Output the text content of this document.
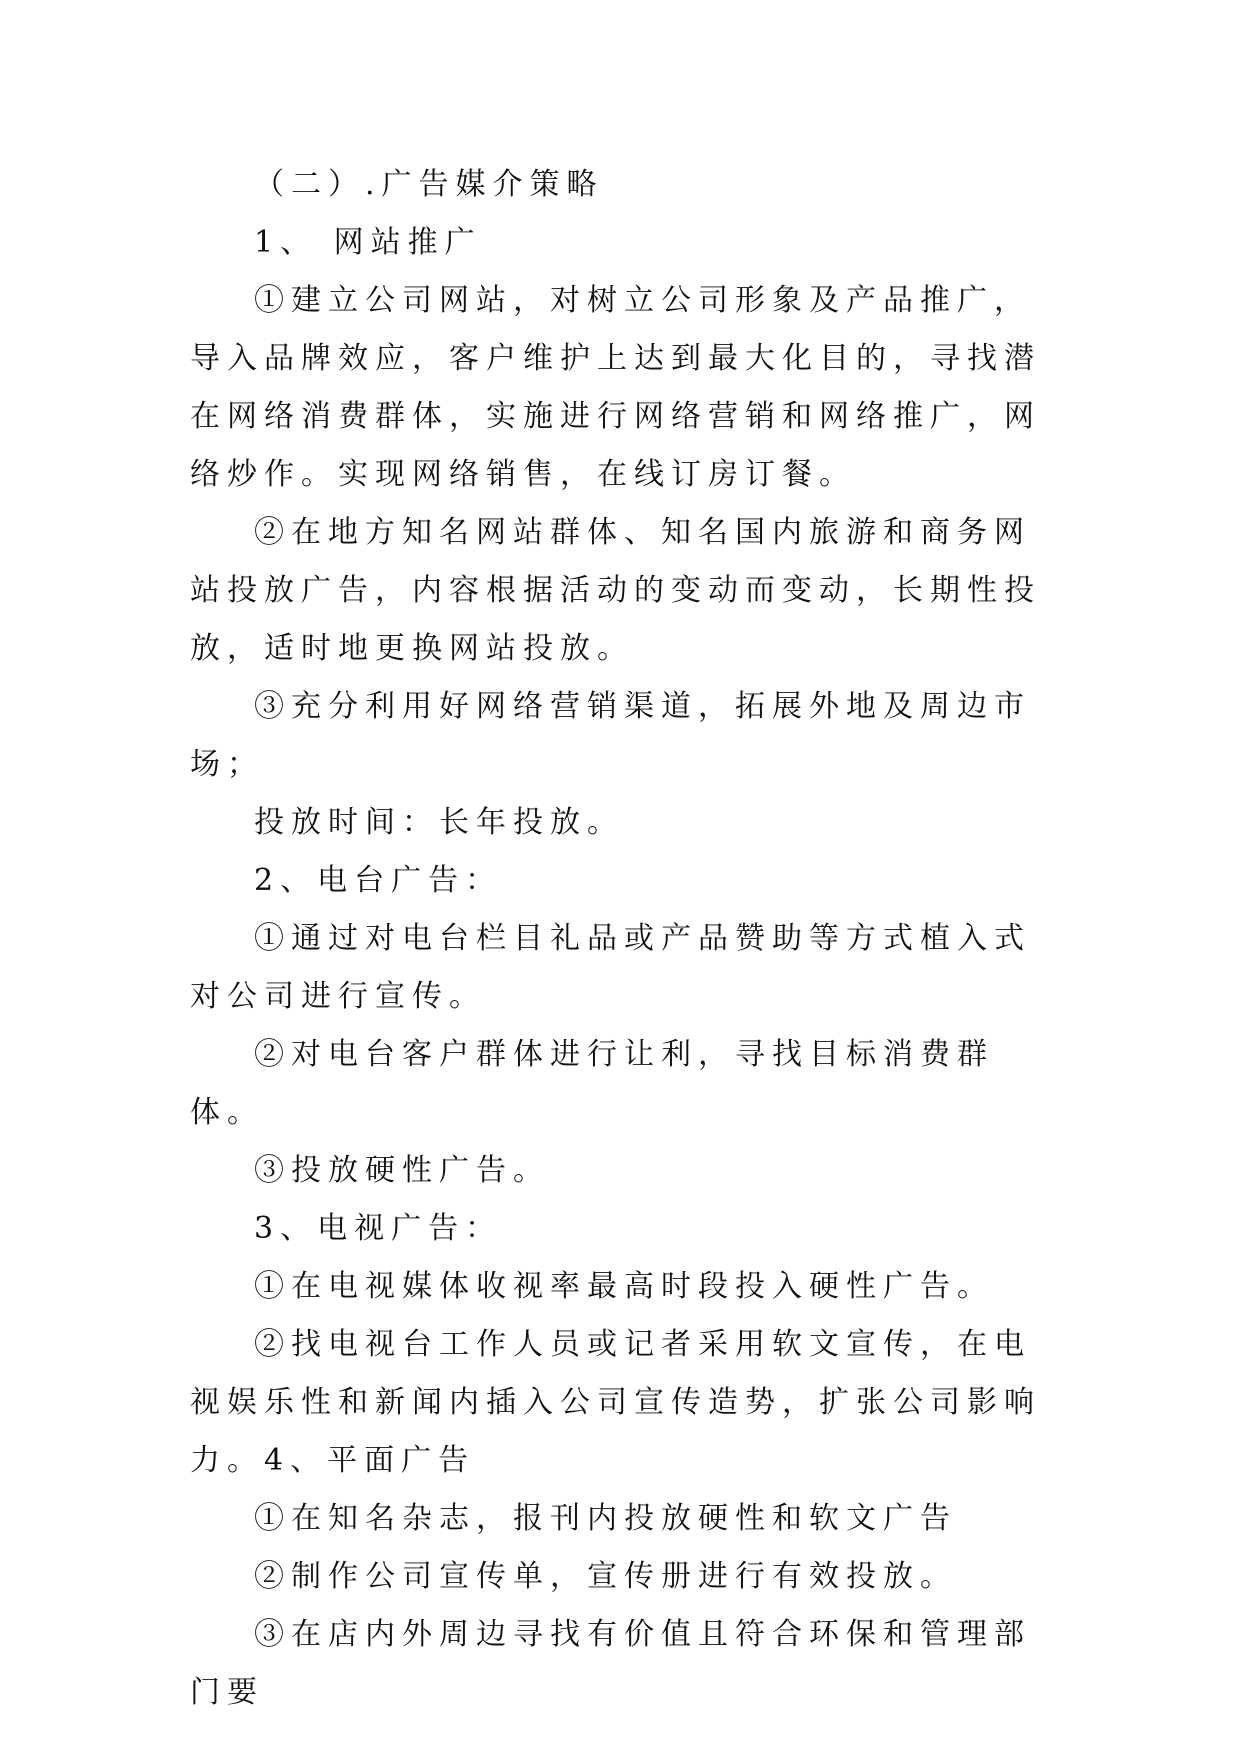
（二）.广告媒介策略

1、 网站推广

①建立公司网站，对树立公司形象及产品推广，导入品牌效应，客户维护上达到最大化目的，寻找潜在网络消费群体，实施进行网络营销和网络推广，网络炒作。实现网络销售，在线订房订餐。

②在地方知名网站群体、知名国内旅游和商务网站投放广告，内容根据活动的变动而变动，长期性投放，适时地更换网站投放。

③充分利用好网络营销渠道，拓展外地及周边市场；

投放时间：长年投放。

2、电台广告：

①通过对电台栏目礼品或产品赞助等方式植入式对公司进行宣传。

②对电台客户群体进行让利，寻找目标消费群体。

③投放硬性广告。

3、电视广告：

①在电视媒体收视率最高时段投入硬性广告。

②找电视台工作人员或记者采用软文宣传，在电视娱乐性和新闻内插入公司宣传造势，扩张公司影响力。4、平面广告

①在知名杂志，报刊内投放硬性和软文广告

②制作公司宣传单，宣传册进行有效投放。

③在店内外周边寻找有价值且符合环保和管理部门要
